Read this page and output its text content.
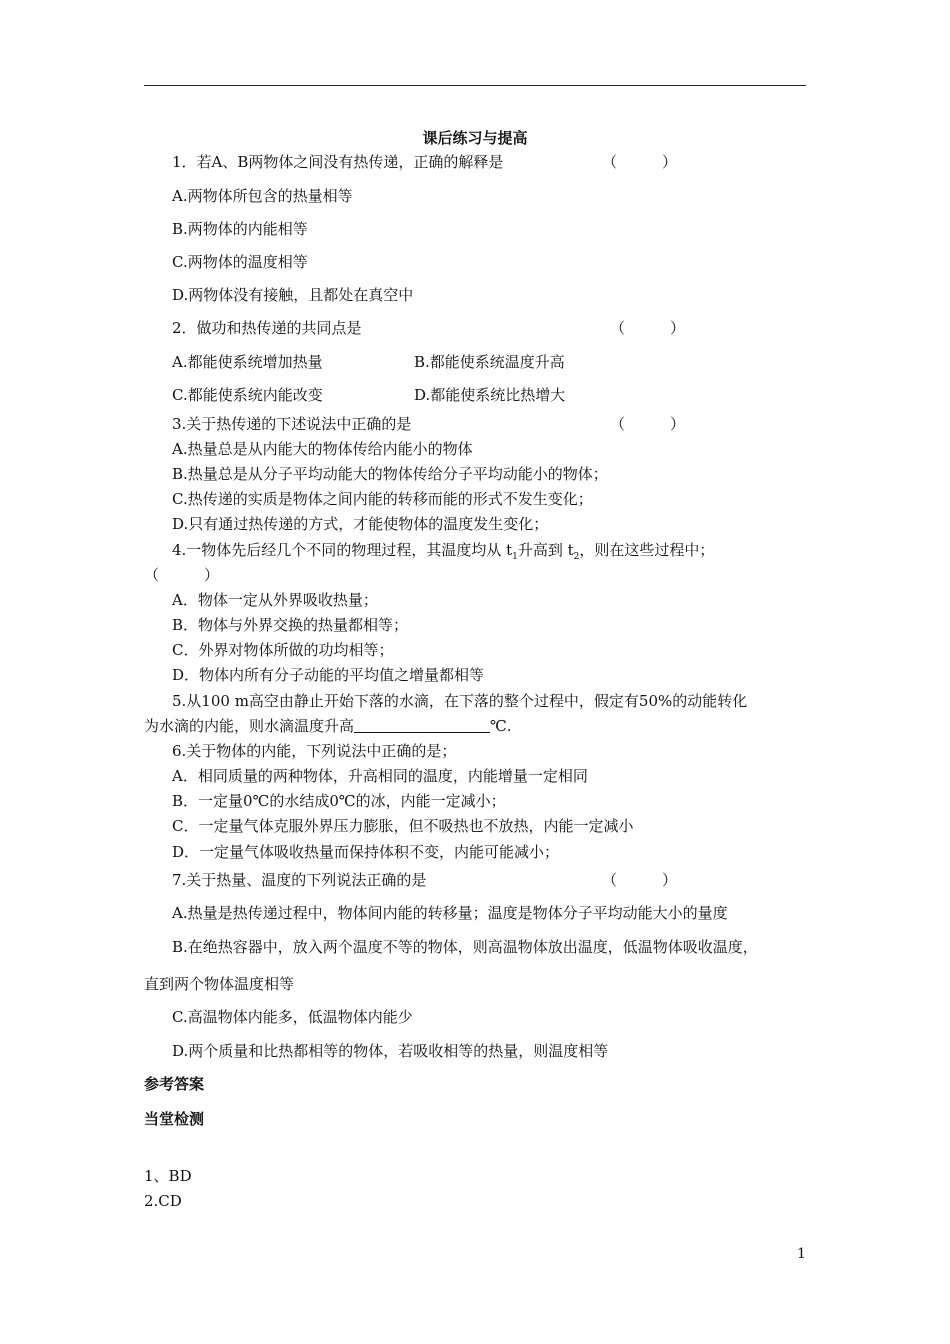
课后练习与提高
1．若A、B两物体之间没有热传递，正确的解释是	（　　　）
A.两物体所包含的热量相等
B.两物体的内能相等
C.两物体的温度相等
D.两物体没有接触，且都处在真空中
2．做功和热传递的共同点是	（　　　）
A.都能使系统增加热量	B.都能使系统温度升高
C.都能使系统内能改变	D.都能使系统比热增大
3.关于热传递的下述说法中正确的是	（　　　）
A.热量总是从内能大的物体传给内能小的物体
B.热量总是从分子平均动能大的物体传给分子平均动能小的物体；
C.热传递的实质是物体之间内能的转移而能的形式不发生变化；
D.只有通过热传递的方式，才能使物体的温度发生变化；
4.一物体先后经几个不同的物理过程，其温度均从 $t_1$升高到 $t_2$，则在这些过程中；
（　　　）
A．物体一定从外界吸收热量；
B．物体与外界交换的热量都相等；
C．外界对物体所做的功均相等；
D．物体内所有分子动能的平均值之增量都相等
5.从100 m高空由静止开始下落的水滴，在下落的整个过程中，假定有50%的动能转化
为水滴的内能，则水滴温度升高	℃.
6.关于物体的内能，下列说法中正确的是；
A．相同质量的两种物体，升高相同的温度，内能增量一定相同
B．一定量0℃的水结成0℃的冰，内能一定减小；
C．一定量气体克服外界压力膨胀，但不吸热也不放热，内能一定减小
D．一定量气体吸收热量而保持体积不变，内能可能减小；
7.关于热量、温度的下列说法正确的是	（　　　）
A.热量是热传递过程中，物体间内能的转移量；温度是物体分子平均动能大小的量度
B.在绝热容器中，放入两个温度不等的物体，则高温物体放出温度，低温物体吸收温度，
直到两个物体温度相等
C.高温物体内能多，低温物体内能少
D.两个质量和比热都相等的物体，若吸收相等的热量，则温度相等
参考答案
当堂检测
1、BD
2.CD
1
